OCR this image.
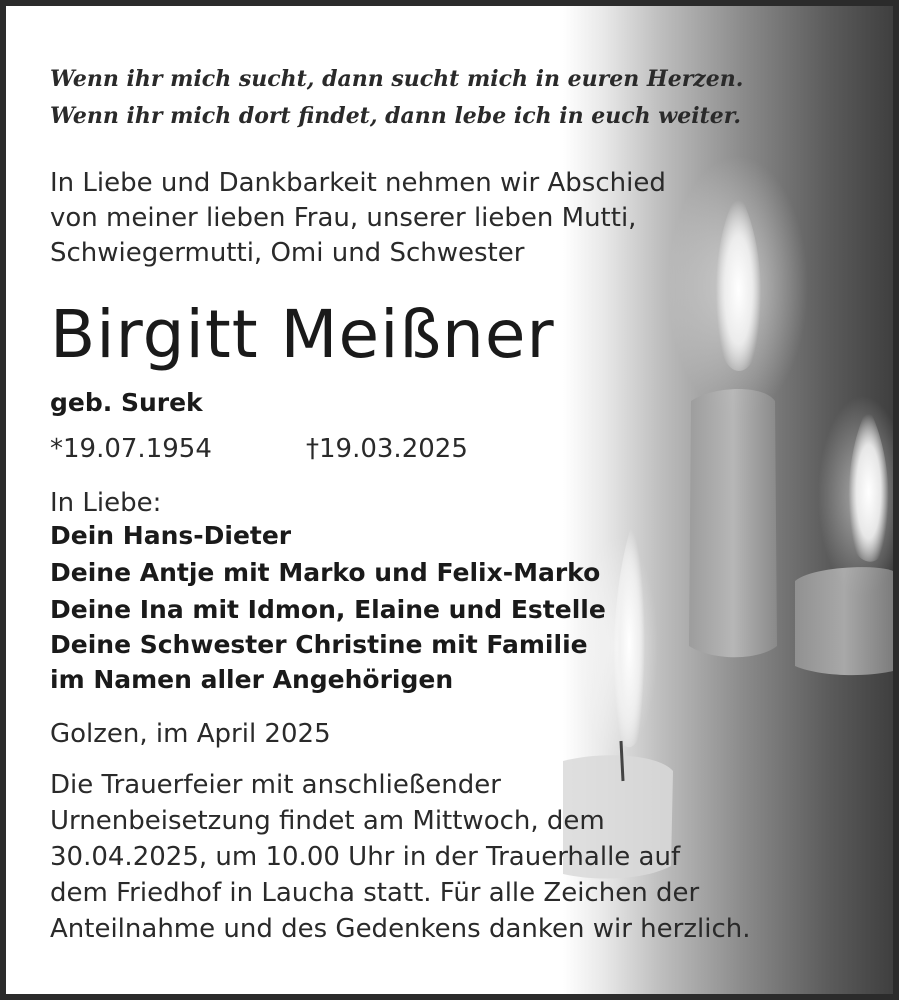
Wenn ihr mich sucht, dann sucht mich in euren Herzen.
Wenn ihr mich dort findet, dann lebe ich in euch weiter.
In Liebe und Dankbarkeit nehmen wir Abschied
von meiner lieben Frau, unserer lieben Mutti,
Schwiegermutti, Omi und Schwester
Birgitt Meißner
geb. Surek
*19.07.1954	†19.03.2025
In Liebe:
Dein Hans-Dieter
Deine Antje mit Marko und Felix-Marko
Deine Ina mit Idmon, Elaine und Estelle
Deine Schwester Christine mit Familie
im Namen aller Angehörigen
Golzen, im April 2025
Die Trauerfeier mit anschließender
Urnenbeisetzung findet am Mittwoch, dem
30.04.2025, um 10.00 Uhr in der Trauerhalle auf
dem Friedhof in Laucha statt. Für alle Zeichen der
Anteilnahme und des Gedenkens danken wir herzlich.
